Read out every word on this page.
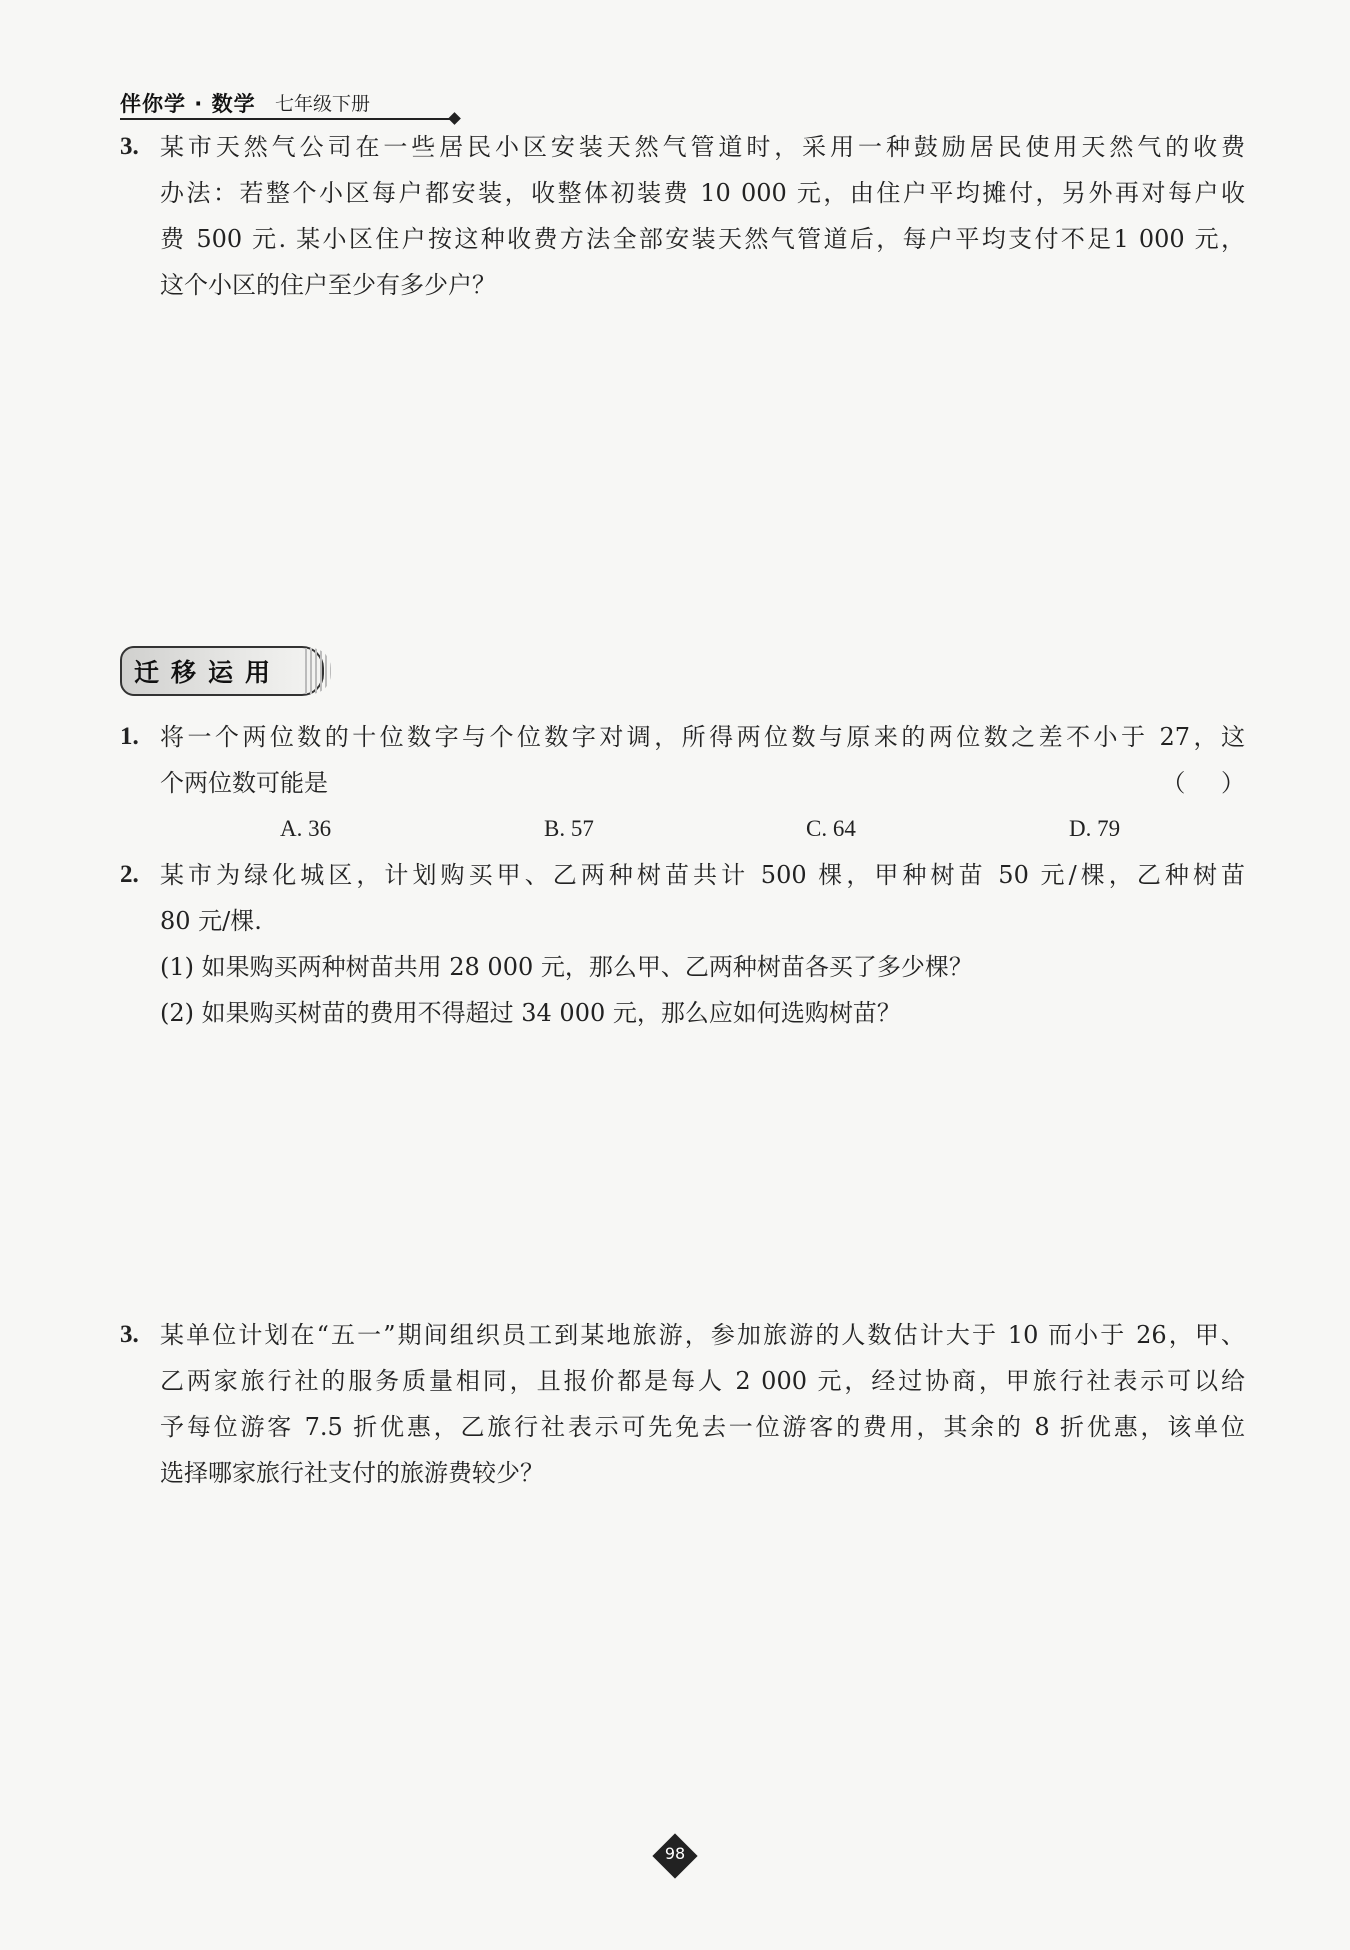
伴你学 · 数学 七年级下册
3. 某市天然气公司在一些居民小区安装天然气管道时，采用一种鼓励居民使用天然气的收费
办法：若整个小区每户都安装，收整体初装费 10 000 元，由住户平均摊付，另外再对每户收
费 500 元. 某小区住户按这种收费方法全部安装天然气管道后，每户平均支付不足1 000 元，
这个小区的住户至少有多少户？
迁移运用
1. 将一个两位数的十位数字与个位数字对调，所得两位数与原来的两位数之差不小于 27，这
个两位数可能是	（ ）
A. 36	B. 57	C. 64	D. 79
2. 某市为绿化城区，计划购买甲、乙两种树苗共计 500 棵，甲种树苗 50 元/棵，乙种树苗
80 元/棵.
(1) 如果购买两种树苗共用 28 000 元，那么甲、乙两种树苗各买了多少棵？
(2) 如果购买树苗的费用不得超过 34 000 元，那么应如何选购树苗？
3. 某单位计划在“五一”期间组织员工到某地旅游，参加旅游的人数估计大于 10 而小于 26，甲、
乙两家旅行社的服务质量相同，且报价都是每人 2 000 元，经过协商，甲旅行社表示可以给
予每位游客 7.5 折优惠，乙旅行社表示可先免去一位游客的费用，其余的 8 折优惠，该单位
选择哪家旅行社支付的旅游费较少？
98
